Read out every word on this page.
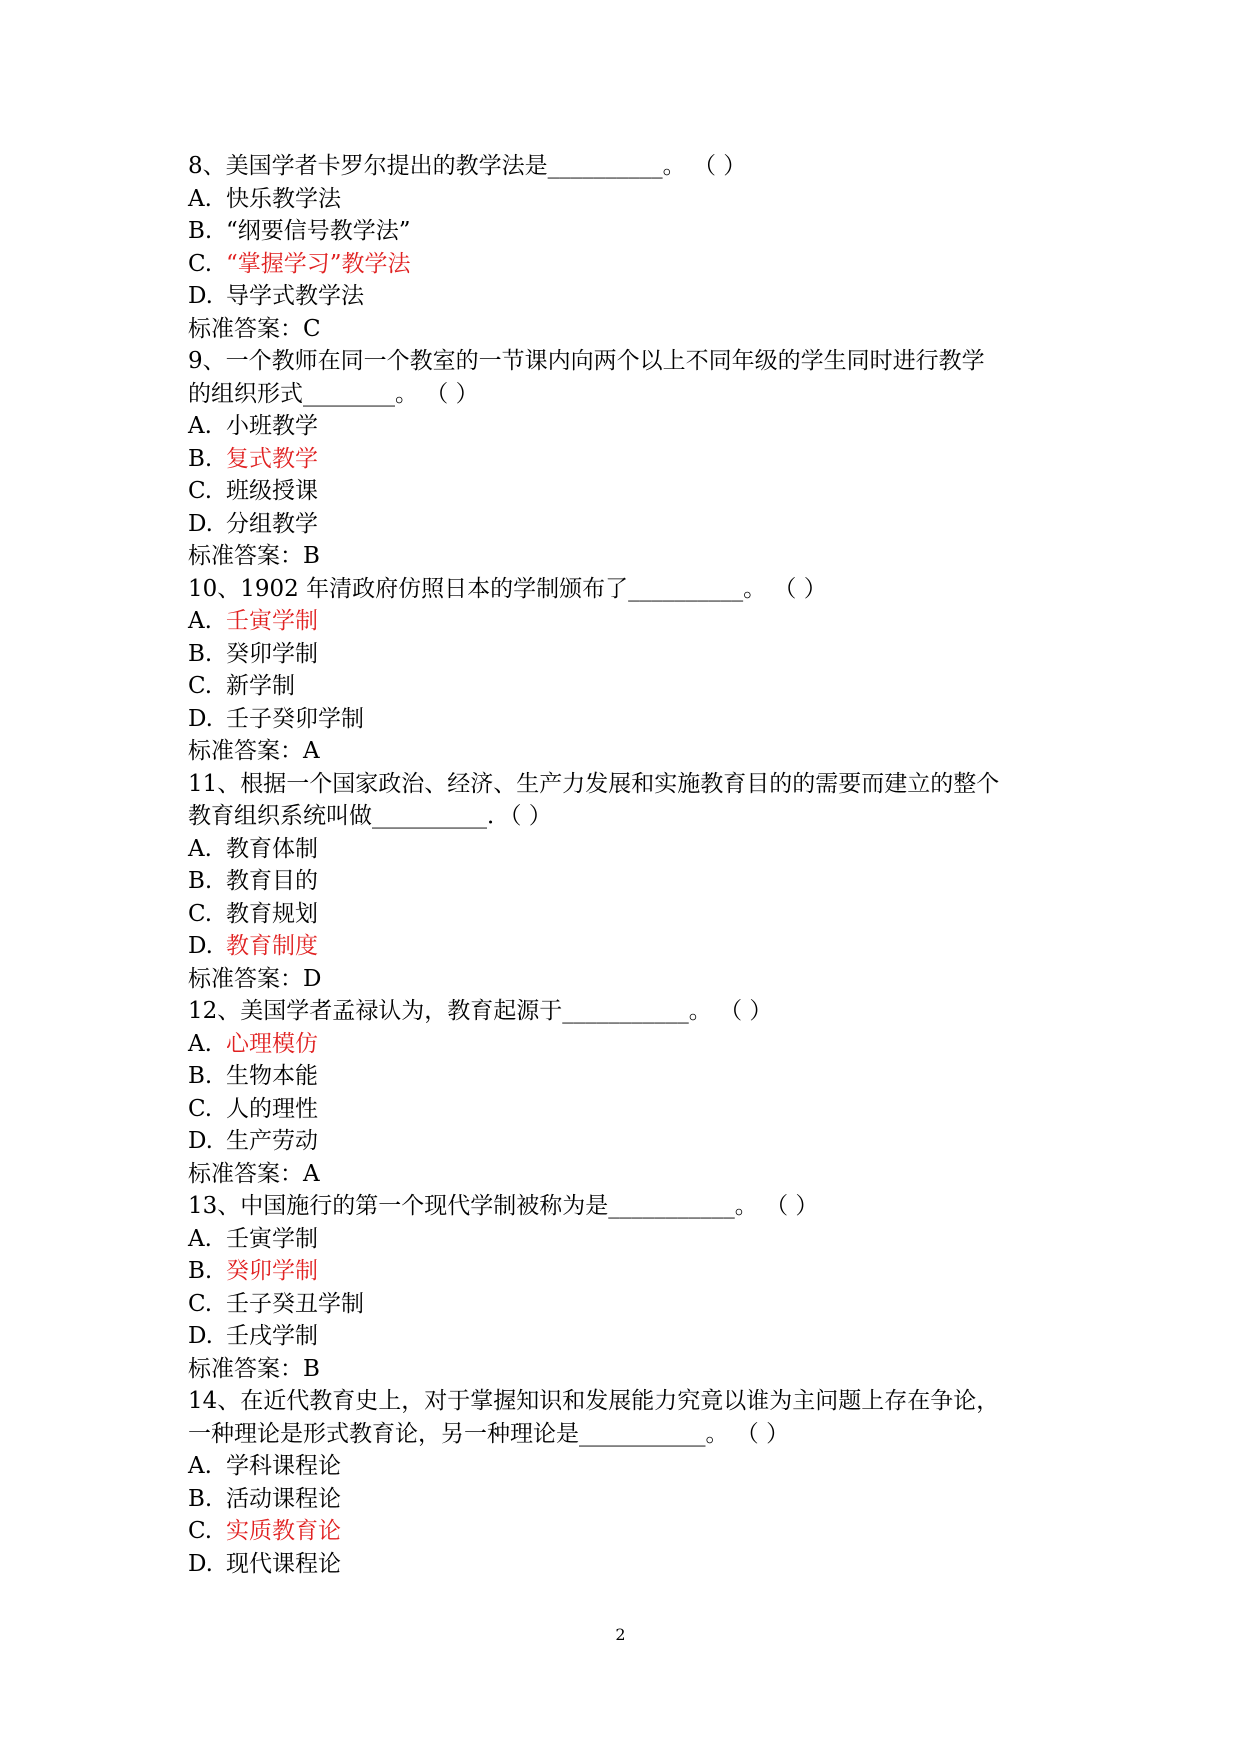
8、美国学者卡罗尔提出的教学法是__________。 （ ）
A. 快乐教学法
B. “纲要信号教学法”
C. “掌握学习”教学法
D. 导学式教学法
标准答案：C
9、一个教师在同一个教室的一节课内向两个以上不同年级的学生同时进行教学
的组织形式________。 （ ）
A. 小班教学
B. 复式教学
C. 班级授课
D. 分组教学
标准答案：B
10、1902 年清政府仿照日本的学制颁布了__________。 （ ）
A. 壬寅学制
B. 癸卯学制
C. 新学制
D. 壬子癸卯学制
标准答案：A
11、根据一个国家政治、经济、生产力发展和实施教育目的的需要而建立的整个
教育组织系统叫做__________．（ ）
A. 教育体制
B. 教育目的
C. 教育规划
D. 教育制度
标准答案：D
12、美国学者孟禄认为，教育起源于___________。 （ ）
A. 心理模仿
B. 生物本能
C. 人的理性
D. 生产劳动
标准答案：A
13、中国施行的第一个现代学制被称为是___________。 （ ）
A. 壬寅学制
B. 癸卯学制
C. 壬子癸丑学制
D. 壬戌学制
标准答案：B
14、在近代教育史上，对于掌握知识和发展能力究竟以谁为主问题上存在争论，
一种理论是形式教育论，另一种理论是___________。 （ ）
A. 学科课程论
B. 活动课程论
C. 实质教育论
D. 现代课程论
2
